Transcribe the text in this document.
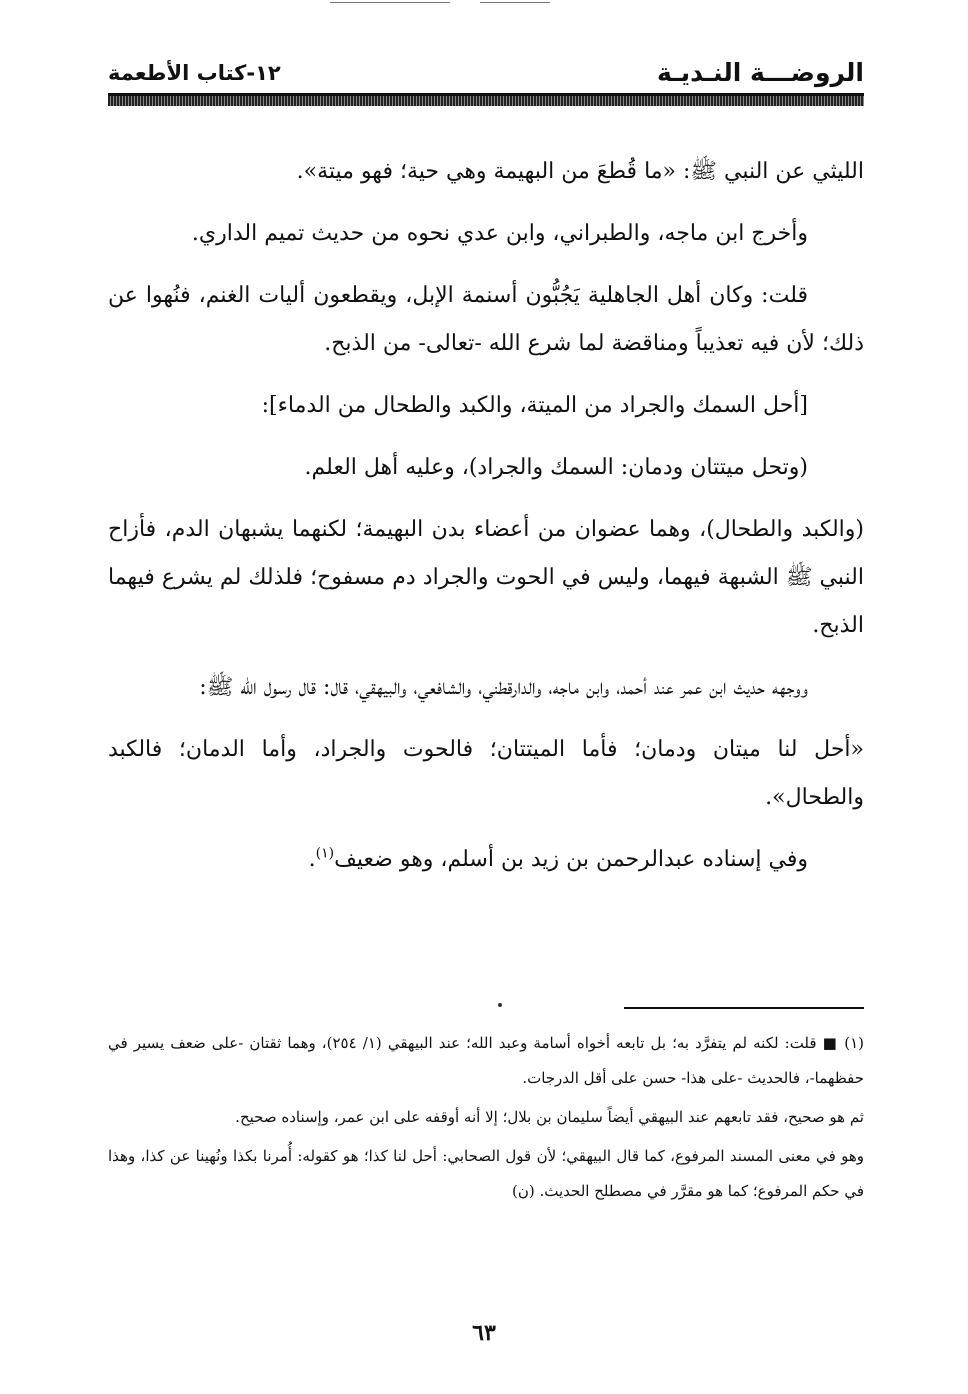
الروضـــة النـديـة
١٢-كتاب الأطعمة

الليثي عن النبي ﷺ: «ما قُطعَ من البهيمة وهي حية؛ فهو ميتة».

وأخرج ابن ماجه، والطبراني، وابن عدي نحوه من حديث تميم الداري.

قلت: وكان أهل الجاهلية يَجُبُّون أسنمة الإبل، ويقطعون أليات الغنم، فنُهوا عن ذلك؛ لأن فيه تعذيباً ومناقضة لما شرع الله -تعالى- من الذبح.

[أحل السمك والجراد من الميتة، والكبد والطحال من الدماء]:

(وتحل ميتتان ودمان: السمك والجراد)، وعليه أهل العلم.

(والكبد والطحال)، وهما عضوان من أعضاء بدن البهيمة؛ لكنهما يشبهان الدم، فأزاح النبي ﷺ الشبهة فيهما، وليس في الحوت والجراد دم مسفوح؛ فلذلك لم يشرع فيهما الذبح.

ووجهه حديث ابن عمر عند أحمد، وابن ماجه، والدارقطني، والشافعي، والبيهقي، قال: قال رسول الله ﷺ:

«أحل لنا ميتان ودمان؛ فأما الميتتان؛ فالحوت والجراد، وأما الدمان؛ فالكبد والطحال».

وفي إسناده عبدالرحمن بن زيد بن أسلم، وهو ضعيف$^{(١)}$.

(١) ■ قلت: لكنه لم يتفرَّد به؛ بل تابعه أخواه أسامة وعبد الله؛ عند البيهقي (١/ ٢٥٤)، وهما ثقتان -على ضعف يسير في حفظهما-، فالحديث -على هذا- حسن على أقل الدرجات.

ثم هو صحيح، فقد تابعهم عند البيهقي أيضاً سليمان بن بلال؛ إلا أنه أوقفه على ابن عمر، وإسناده صحيح.

وهو في معنى المسند المرفوع، كما قال البيهقي؛ لأن قول الصحابي: أحل لنا كذا؛ هو كقوله: أُمرنا بكذا ونُهينا عن كذا، وهذا في حكم المرفوع؛ كما هو مقرَّر في مصطلح الحديث. (ن)

٦٣
